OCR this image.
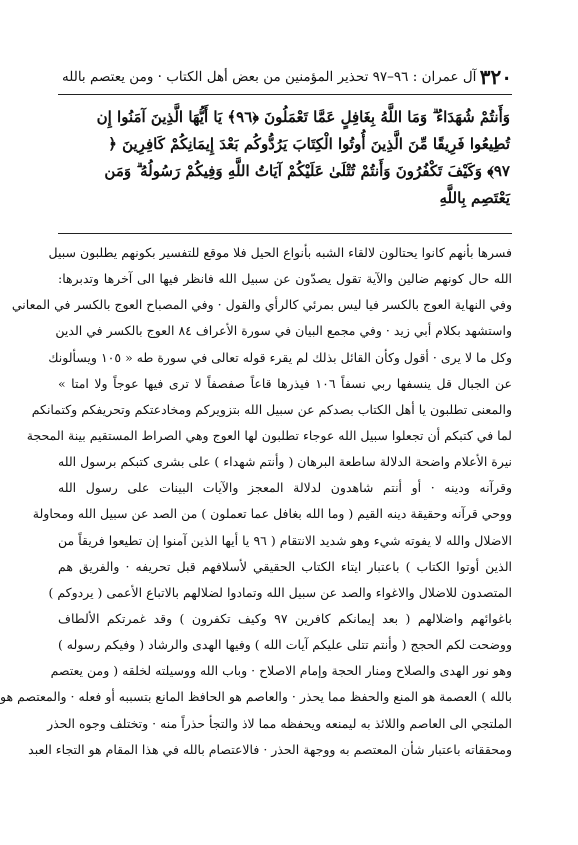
٣٢٠
آل عمران : ٩٦–٩٧ تحذير المؤمنين من بعض أهل الكتاب · ومن يعتصم بالله
وَأَنتُمْ شُهَدَاءُ ۗ وَمَا اللَّهُ بِغَافِلٍ عَمَّا تَعْمَلُونَ ﴿٩٦﴾ يَا أَيُّهَا الَّذِينَ آمَنُوا إِن
تُطِيعُوا فَرِيقًا مِّنَ الَّذِينَ أُوتُوا الْكِتَابَ يَرُدُّوكُم بَعْدَ إِيمَانِكُمْ كَافِرِينَ ﴿
٩٧﴾ وَكَيْفَ تَكْفُرُونَ وَأَنتُمْ تُتْلَىٰ عَلَيْكُمْ آيَاتُ اللَّهِ وَفِيكُمْ رَسُولُهُ ۗ وَمَن
يَعْتَصِم بِاللَّهِ
فسرها بأنهم كانوا يحتالون لالقاء الشبه بأنواع الحيل فلا موقع للتفسير بكونهم يطلبون سبيل
الله حال كونهم ضالين والآية تقول يصدّون عن سبيل الله فانظر فيها الى آخرها وتدبرها:
وفي النهاية العوج بالكسر فيا ليس بمرئي كالرأي والقول · وفي المصباح العوج بالكسر في المعاني
واستشهد بكلام أبي زيد · وفي مجمع البيان في سورة الأعراف ٨٤ العوج بالكسر في الدين
وكل ما لا يرى · أقول وكأن القائل بذلك لم يقرء قوله تعالى في سورة طه « ١٠٥ ويسألونك
عن الجبال قل ينسفها ربي نسفاً ١٠٦ فيذرها قاعاً صفصفاً لا ترى فيها عوجاً ولا امتا »
والمعنى تطلبون يا أهل الكتاب بصدكم عن سبيل الله بتزويركم ومخادعتكم وتحريفكم وكتمانكم
لما في كتبكم أن تجعلوا سبيل الله عوجاء تطلبون لها العوج وهي الصراط المستقيم بينة المحجة
نيرة الأعلام واضحة الدلالة ساطعة البرهان ( وأنتم شهداء ) على بشرى كتبكم برسول الله
وقرآنه ودينه · أو أنتم شاهدون لدلالة المعجز والآيات البينات على رسول الله
ووحي قرآنه وحقيقة دينه القيم ( وما الله بغافل عما تعملون ) من الصد عن سبيل الله ومحاولة
الاضلال والله لا يفوته شيء وهو شديد الانتقام ( ٩٦ يا أيها الذين آمنوا إن تطيعوا فريقاً من
الذين أوتوا الكتاب ) باعتبار ايتاء الكتاب الحقيقي لأسلافهم قبل تحريفه · والفريق هم
المتصدون للاضلال والاغواء والصد عن سبيل الله وتمادوا لضلالهم بالاتباع الأعمى ( يردوكم )
باغوائهم واضلالهم ( بعد إيمانكم كافرين ٩٧ وكيف تكفرون ) وقد غمرتكم الألطاف
ووضحت لكم الحجج ( وأنتم تتلى عليكم آيات الله ) وفيها الهدى والرشاد ( وفيكم رسوله )
وهو نور الهدى والصلاح ومنار الحجة وإمام الاصلاح · وباب الله ووسيلته لخلقه ( ومن يعتصم
بالله ) العصمة هو المنع والحفظ مما يحذر · والعاصم هو الحافظ المانع بتسببه أو فعله · والمعتصم هو
الملتجي الى العاصم واللائذ به ليمنعه ويحفظه مما لاذ والتجأ حذراً منه · وتختلف وجوه الحذر
ومحققاته باعتبار شأن المعتصم به ووجهة الحذر · فالاعتصام بالله في هذا المقام هو التجاء العبد
